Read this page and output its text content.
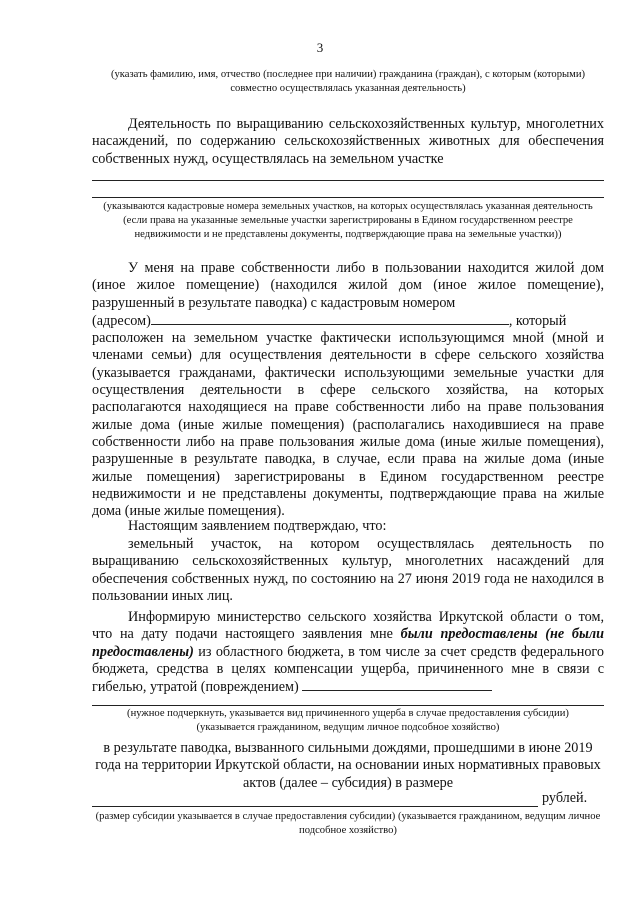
3
(указать фамилию, имя, отчество (последнее при наличии) гражданина (граждан), с которым (которыми) совместно осуществлялась указанная деятельность)

Деятельность по выращиванию сельскохозяйственных культур, многолетних насаждений, по содержанию сельскохозяйственных животных для обеспечения собственных нужд, осуществлялась на земельном участке

(указываются кадастровые номера земельных участков, на которых осуществлялась указанная деятельность (если права на указанные земельные участки зарегистрированы в Едином государственном реестре недвижимости и не представлены документы, подтверждающие права на земельные участки))

У меня на праве собственности либо в пользовании находится жилой дом (иное жилое помещение) (находился жилой дом (иное жилое помещение), разрушенный в результате паводка) с кадастровым номером
(адресом)	, который
расположен на земельном участке фактически использующимся мной (мной и членами семьи) для осуществления деятельности в сфере сельского хозяйства (указывается гражданами, фактически использующими земельные участки для осуществления деятельности в сфере сельского хозяйства, на которых располагаются находящиеся на праве собственности либо на праве пользования жилые дома (иные жилые помещения) (располагались находившиеся на праве собственности либо на праве пользования жилые дома (иные жилые помещения), разрушенные в результате паводка, в случае, если права на жилые дома (иные жилые помещения) зарегистрированы в Едином государственном реестре недвижимости и не представлены документы, подтверждающие права на жилые дома (иные жилые помещения).

Настоящим заявлением подтверждаю, что:

земельный участок, на котором осуществлялась деятельность по выращиванию сельскохозяйственных культур, многолетних насаждений для обеспечения собственных нужд, по состоянию на 27 июня 2019 года не находился в пользовании иных лиц.

Информирую министерство сельского хозяйства Иркутской области о том, что на дату подачи настоящего заявления мне были предоставлены (не были предоставлены) из областного бюджета, в том числе за счет средств федерального бюджета, средства в целях компенсации ущерба, причиненного мне в связи с гибелью, утратой (повреждением)

(нужное подчеркнуть, указывается вид причиненного ущерба в случае предоставления субсидии)
(указывается гражданином, ведущим личное подсобное хозяйство)

в результате паводка, вызванного сильными дождями, прошедшими в июне 2019 года на территории Иркутской области, на основании иных нормативных правовых актов (далее – субсидия) в размере

рублей.
(размер субсидии указывается в случае предоставления субсидии) (указывается гражданином, ведущим личное подсобное хозяйство)
